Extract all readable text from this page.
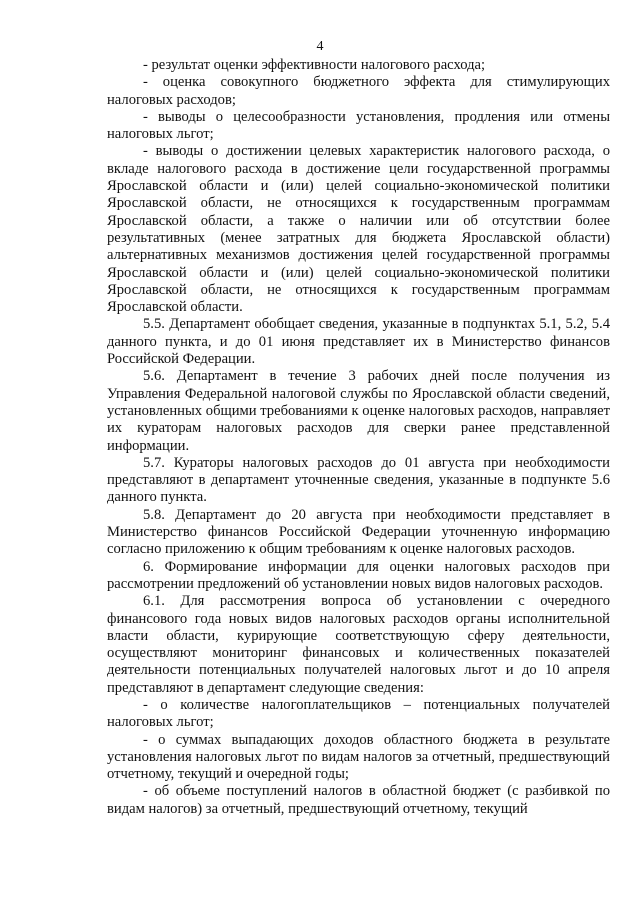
4

- результат оценки эффективности налогового расхода;

- оценка совокупного бюджетного эффекта для стимулирующих налоговых расходов;

- выводы о целесообразности установления, продления или отмены налоговых льгот;

- выводы о достижении целевых характеристик налогового расхода, о вкладе налогового расхода в достижение цели государственной программы Ярославской области и (или) целей социально-экономической политики Ярославской области, не относящихся к государственным программам Ярославской области, а также о наличии или об отсутствии более результативных (менее затратных для бюджета Ярославской области) альтернативных механизмов достижения целей государственной программы Ярославской области и (или) целей социально-экономической политики Ярославской области, не относящихся к государственным программам Ярославской области.

5.5. Департамент обобщает сведения, указанные в подпунктах 5.1, 5.2, 5.4 данного пункта, и до 01 июня представляет их в Министерство финансов Российской Федерации.

5.6. Департамент в течение 3 рабочих дней после получения из Управления Федеральной налоговой службы по Ярославской области сведений, установленных общими требованиями к оценке налоговых расходов, направляет их кураторам налоговых расходов для сверки ранее представленной информации.

5.7. Кураторы налоговых расходов до 01 августа при необходимости представляют в департамент уточненные сведения, указанные в подпункте 5.6 данного пункта.

5.8. Департамент до 20 августа при необходимости представляет в Министерство финансов Российской Федерации уточненную информацию согласно приложению к общим требованиям к оценке налоговых расходов.

6. Формирование информации для оценки налоговых расходов при рассмотрении предложений об установлении новых видов налоговых расходов.

6.1. Для рассмотрения вопроса об установлении с очередного финансового года новых видов налоговых расходов органы исполнительной власти области, курирующие соответствующую сферу деятельности, осуществляют мониторинг финансовых и количественных показателей деятельности потенциальных получателей налоговых льгот и до 10 апреля представляют в департамент следующие сведения:

- о количестве налогоплательщиков – потенциальных получателей налоговых льгот;

- о суммах выпадающих доходов областного бюджета в результате установления налоговых льгот по видам налогов за отчетный, предшествующий отчетному, текущий и очередной годы;

- об объеме поступлений налогов в областной бюджет (с разбивкой по видам налогов) за отчетный, предшествующий отчетному, текущий
